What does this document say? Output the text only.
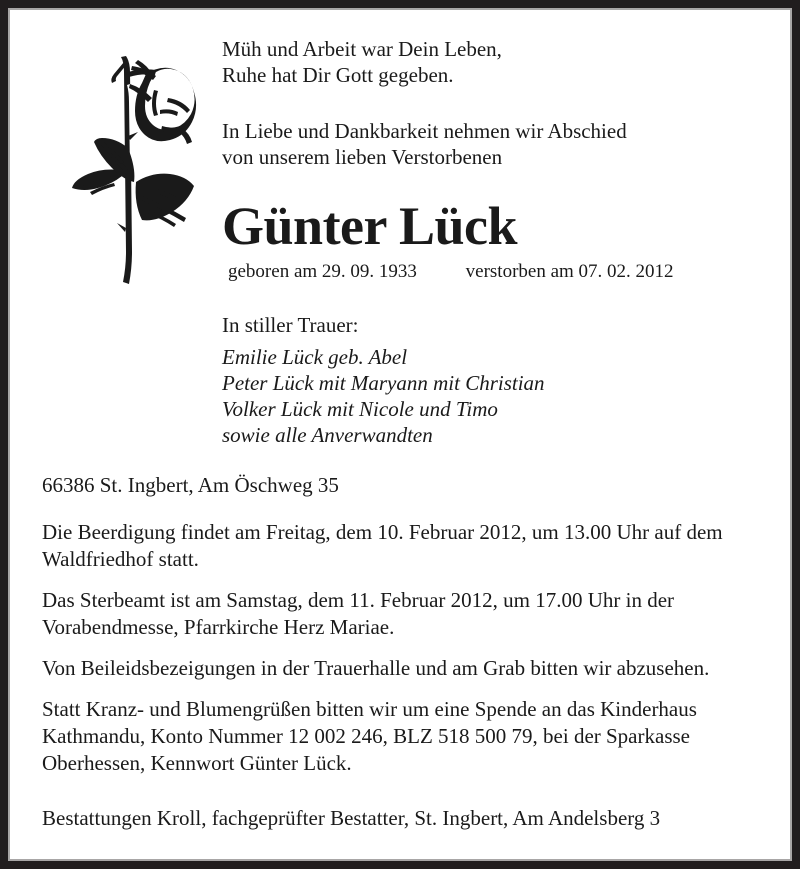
Müh und Arbeit war Dein Leben,
Ruhe hat Dir Gott gegeben.

In Liebe und Dankbarkeit nehmen wir Abschied
von unserem lieben Verstorbenen

Günter Lück

geboren am 29. 09. 1933	verstorben am 07. 02. 2012

In stiller Trauer:

Emilie Lück geb. Abel

Peter Lück mit Maryann mit Christian

Volker Lück mit Nicole und Timo

sowie alle Anverwandten

66386 St. Ingbert, Am Öschweg 35

Die Beerdigung findet am Freitag, dem 10. Februar 2012, um 13.00 Uhr auf dem Waldfriedhof statt.

Das Sterbeamt ist am Samstag, dem 11. Februar 2012, um 17.00 Uhr in der Vorabendmesse, Pfarrkirche Herz Mariae.

Von Beileidsbezeigungen in der Trauerhalle und am Grab bitten wir abzusehen.

Statt Kranz- und Blumengrüßen bitten wir um eine Spende an das Kinderhaus Kathmandu, Konto Nummer 12 002 246, BLZ 518 500 79, bei der Sparkasse Oberhessen, Kennwort Günter Lück.

Bestattungen Kroll, fachgeprüfter Bestatter, St. Ingbert, Am Andelsberg 3
